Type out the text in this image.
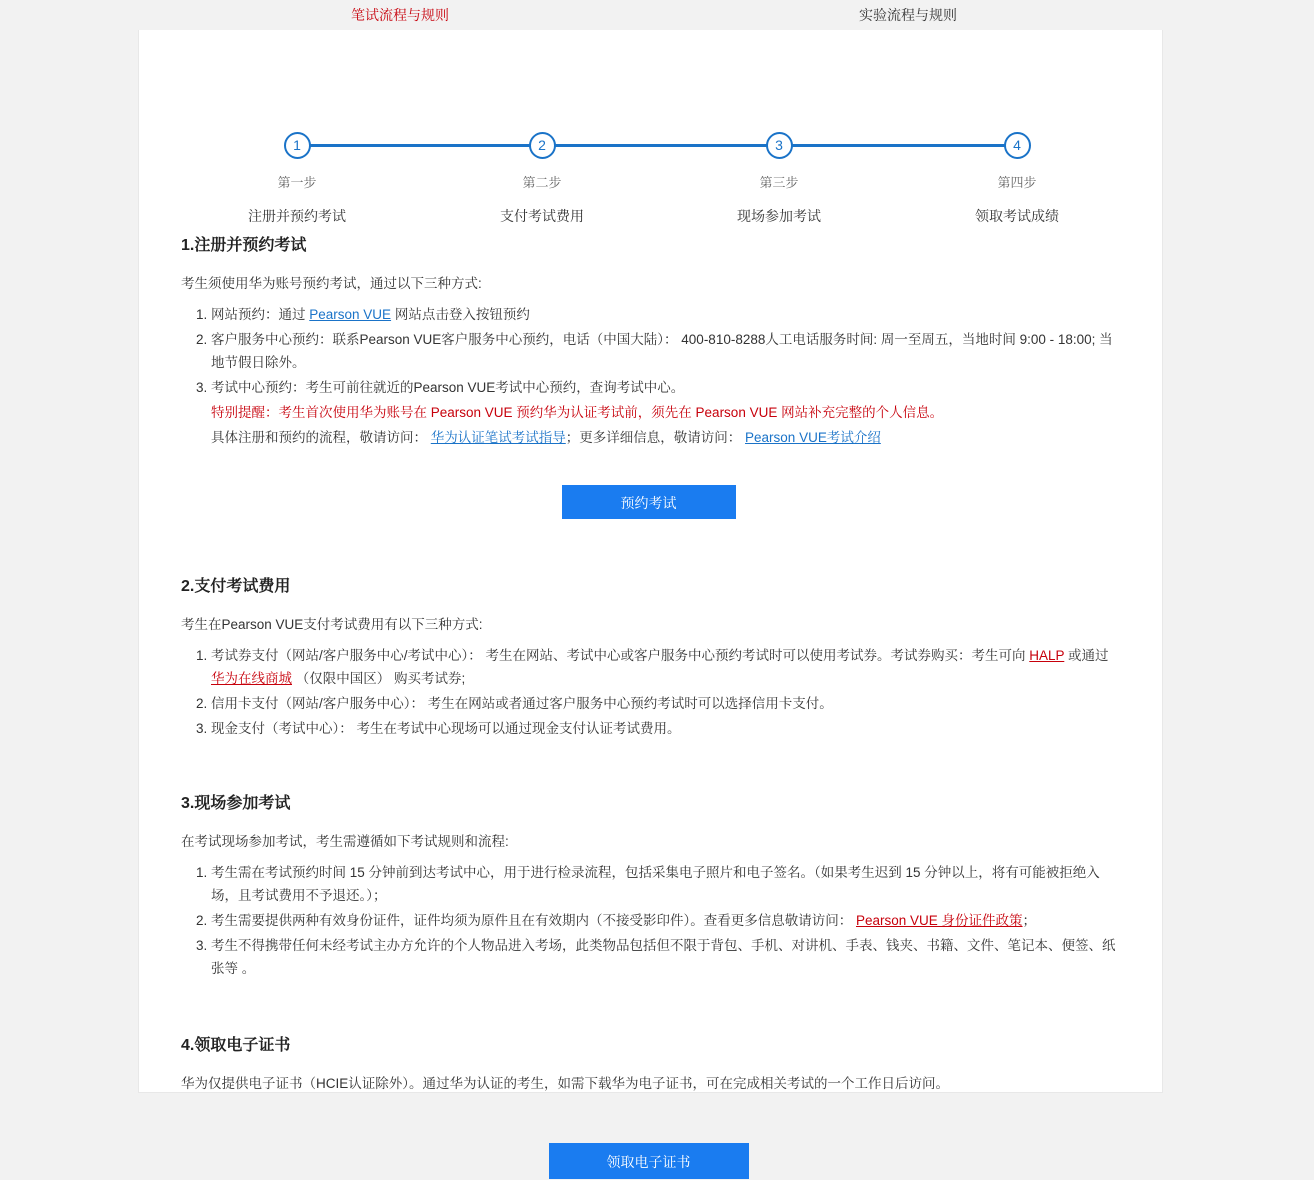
笔试流程与规则	实验流程与规则
1
第一步
注册并预约考试
2
第二步
支付考试费用
3
第三步
现场参加考试
4
第四步
领取考试成绩
1.注册并预约考试

考生须使用华为账号预约考试，通过以下三种方式:

1. 网站预约：通过 Pearson VUE 网站点击登入按钮预约
2. 客户服务中心预约：联系Pearson VUE客户服务中心预约，电话（中国大陆）： 400-810-8288人工电话服务时间: 周一至周五，当地时间 9:00 - 18:00; 当地节假日除外。
3. 考试中心预约：考生可前往就近的Pearson VUE考试中心预约，查询考试中心。
特别提醒：考生首次使用华为账号在 Pearson VUE 预约华为认证考试前，须先在 Pearson VUE 网站补充完整的个人信息。
具体注册和预约的流程，敬请访问： 华为认证笔试考试指导；更多详细信息，敬请访问： Pearson VUE考试介绍
预约考试
2.支付考试费用

考生在Pearson VUE支付考试费用有以下三种方式:

1. 考试券支付（网站/客户服务中心/考试中心）： 考生在网站、考试中心或客户服务中心预约考试时可以使用考试券。考试券购买：考生可向 HALP 或通过华为在线商城 （仅限中国区） 购买考试券;
2. 信用卡支付（网站/客户服务中心）： 考生在网站或者通过客户服务中心预约考试时可以选择信用卡支付。
3. 现金支付（考试中心）： 考生在考试中心现场可以通过现金支付认证考试费用。
3.现场参加考试

在考试现场参加考试，考生需遵循如下考试规则和流程:

1. 考生需在考试预约时间 15 分钟前到达考试中心，用于进行检录流程，包括采集电子照片和电子签名。（如果考生迟到 15 分钟以上，将有可能被拒绝入场，且考试费用不予退还。）；
2. 考生需要提供两种有效身份证件，证件均须为原件且在有效期内（不接受影印件）。查看更多信息敬请访问： Pearson VUE 身份证件政策；
3. 考生不得携带任何未经考试主办方允许的个人物品进入考场，此类物品包括但不限于背包、手机、对讲机、手表、钱夹、书籍、文件、笔记本、便签、纸张等 。
4.领取电子证书

华为仅提供电子证书（HCIE认证除外）。通过华为认证的考生，如需下载华为电子证书，可在完成相关考试的一个工作日后访问。

领取电子证书
